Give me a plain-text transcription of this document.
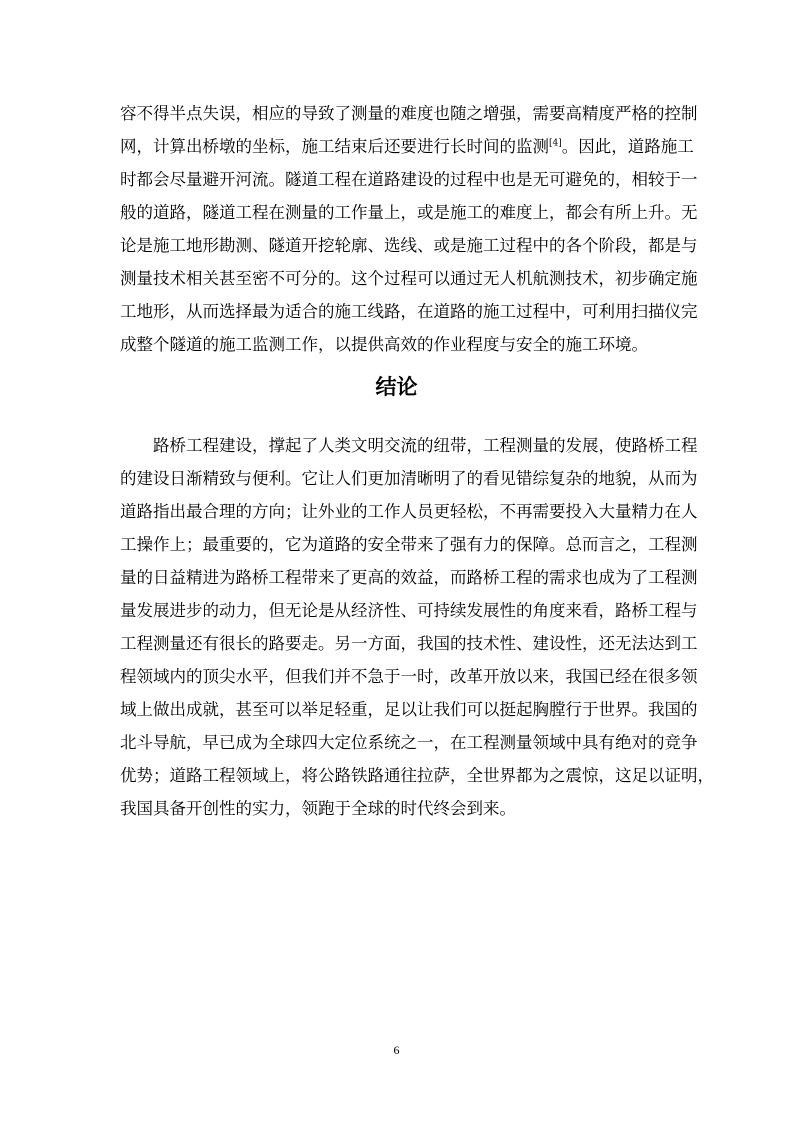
容不得半点失误，相应的导致了测量的难度也随之增强，需要高精度严格的控制
网，计算出桥墩的坐标，施工结束后还要进行长时间的监测[4]。因此，道路施工
时都会尽量避开河流。隧道工程在道路建设的过程中也是无可避免的，相较于一
般的道路，隧道工程在测量的工作量上，或是施工的难度上，都会有所上升。无
论是施工地形勘测、隧道开挖轮廓、选线、或是施工过程中的各个阶段，都是与
测量技术相关甚至密不可分的。这个过程可以通过无人机航测技术，初步确定施
工地形，从而选择最为适合的施工线路，在道路的施工过程中，可利用扫描仪完
成整个隧道的施工监测工作，以提供高效的作业程度与安全的施工环境。
结论
路桥工程建设，撑起了人类文明交流的纽带，工程测量的发展，使路桥工程
的建设日渐精致与便利。它让人们更加清晰明了的看见错综复杂的地貌，从而为
道路指出最合理的方向；让外业的工作人员更轻松，不再需要投入大量精力在人
工操作上；最重要的，它为道路的安全带来了强有力的保障。总而言之，工程测
量的日益精进为路桥工程带来了更高的效益，而路桥工程的需求也成为了工程测
量发展进步的动力，但无论是从经济性、可持续发展性的角度来看，路桥工程与
工程测量还有很长的路要走。另一方面，我国的技术性、建设性，还无法达到工
程领域内的顶尖水平，但我们并不急于一时，改革开放以来，我国已经在很多领
域上做出成就，甚至可以举足轻重，足以让我们可以挺起胸膛行于世界。我国的
北斗导航，早已成为全球四大定位系统之一，在工程测量领域中具有绝对的竞争
优势；道路工程领域上，将公路铁路通往拉萨，全世界都为之震惊，这足以证明，
我国具备开创性的实力，领跑于全球的时代终会到来。
6
